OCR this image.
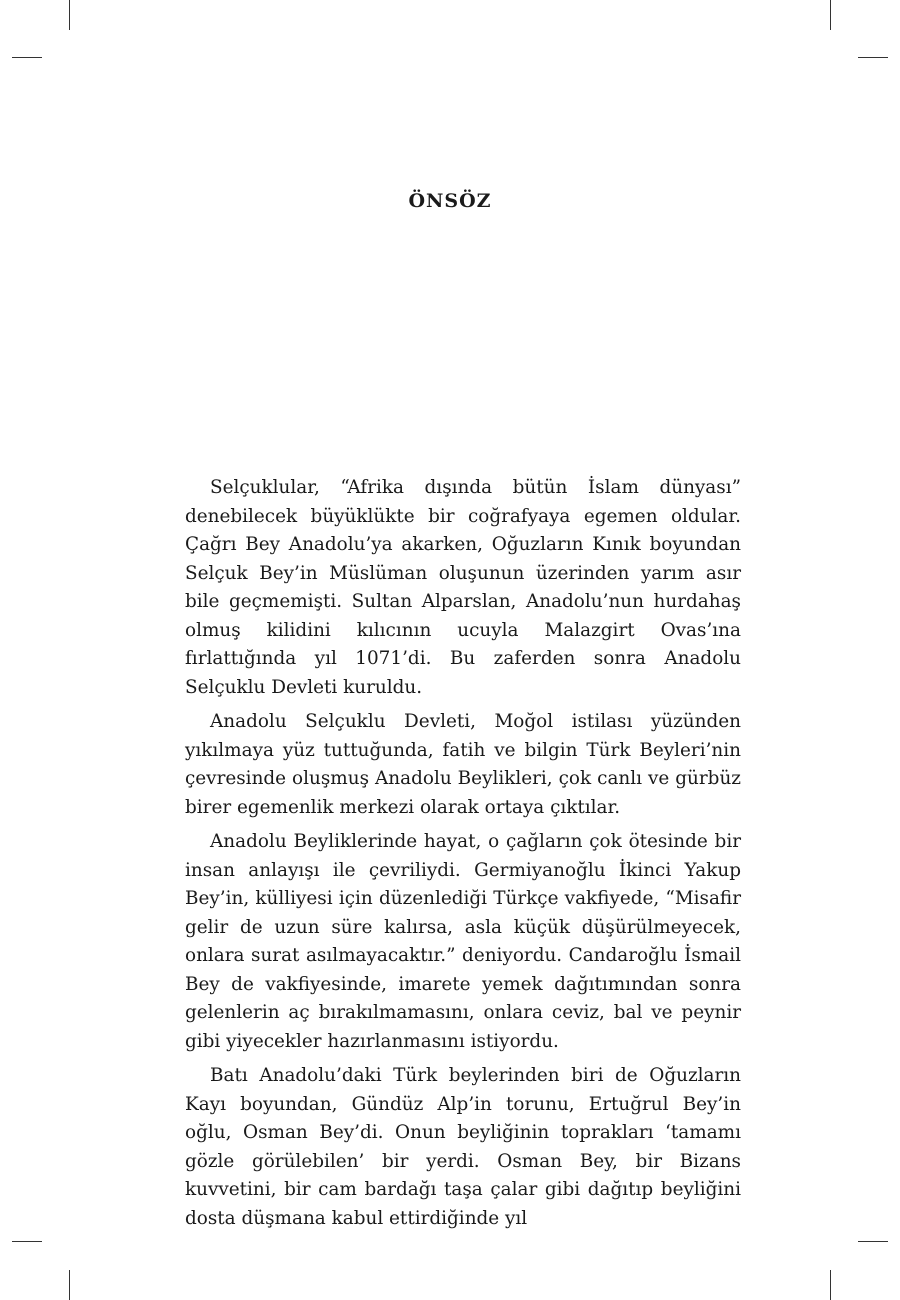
ÖNSÖZ

Selçuklular, “Afrika dışında bütün İslam dünyası” denebilecek büyüklükte bir coğrafyaya egemen oldular. Çağrı Bey Anadolu’ya akarken, Oğuzların Kınık boyundan Selçuk Bey’in Müslüman oluşunun üzerinden yarım asır bile geçmemişti. Sultan Alparslan, Anadolu’nun hurdahaş olmuş kilidini kılıcının ucuyla Malazgirt Ovas’ına fırlattığında yıl 1071’di. Bu zaferden sonra Anadolu Selçuklu Devleti kuruldu.

Anadolu Selçuklu Devleti, Moğol istilası yüzünden yıkılmaya yüz tuttuğunda, fatih ve bilgin Türk Beyleri’nin çevresinde oluşmuş Anadolu Beylikleri, çok canlı ve gürbüz birer egemenlik merkezi olarak ortaya çıktılar.

Anadolu Beyliklerinde hayat, o çağların çok ötesinde bir insan anlayışı ile çevriliydi. Germiyanoğlu İkinci Yakup Bey’in, külliyesi için düzenlediği Türkçe vakfiyede, “Misafir gelir de uzun süre kalırsa, asla küçük düşürülmeyecek, onlara surat asılmayacaktır.” deniyordu. Candaroğlu İsmail Bey de vakfiyesinde, imarete yemek dağıtımından sonra gelenlerin aç bırakılmamasını, onlara ceviz, bal ve peynir gibi yiyecekler hazırlanmasını istiyordu.

Batı Anadolu’daki Türk beylerinden biri de Oğuzların Kayı boyundan, Gündüz Alp’in torunu, Ertuğrul Bey’in oğlu, Osman Bey’di. Onun beyliğinin toprakları ‘tamamı gözle görülebilen’ bir yerdi. Osman Bey, bir Bizans kuvvetini, bir cam bardağı taşa çalar gibi dağıtıp beyliğini dosta düşmana kabul ettirdiğinde yıl
